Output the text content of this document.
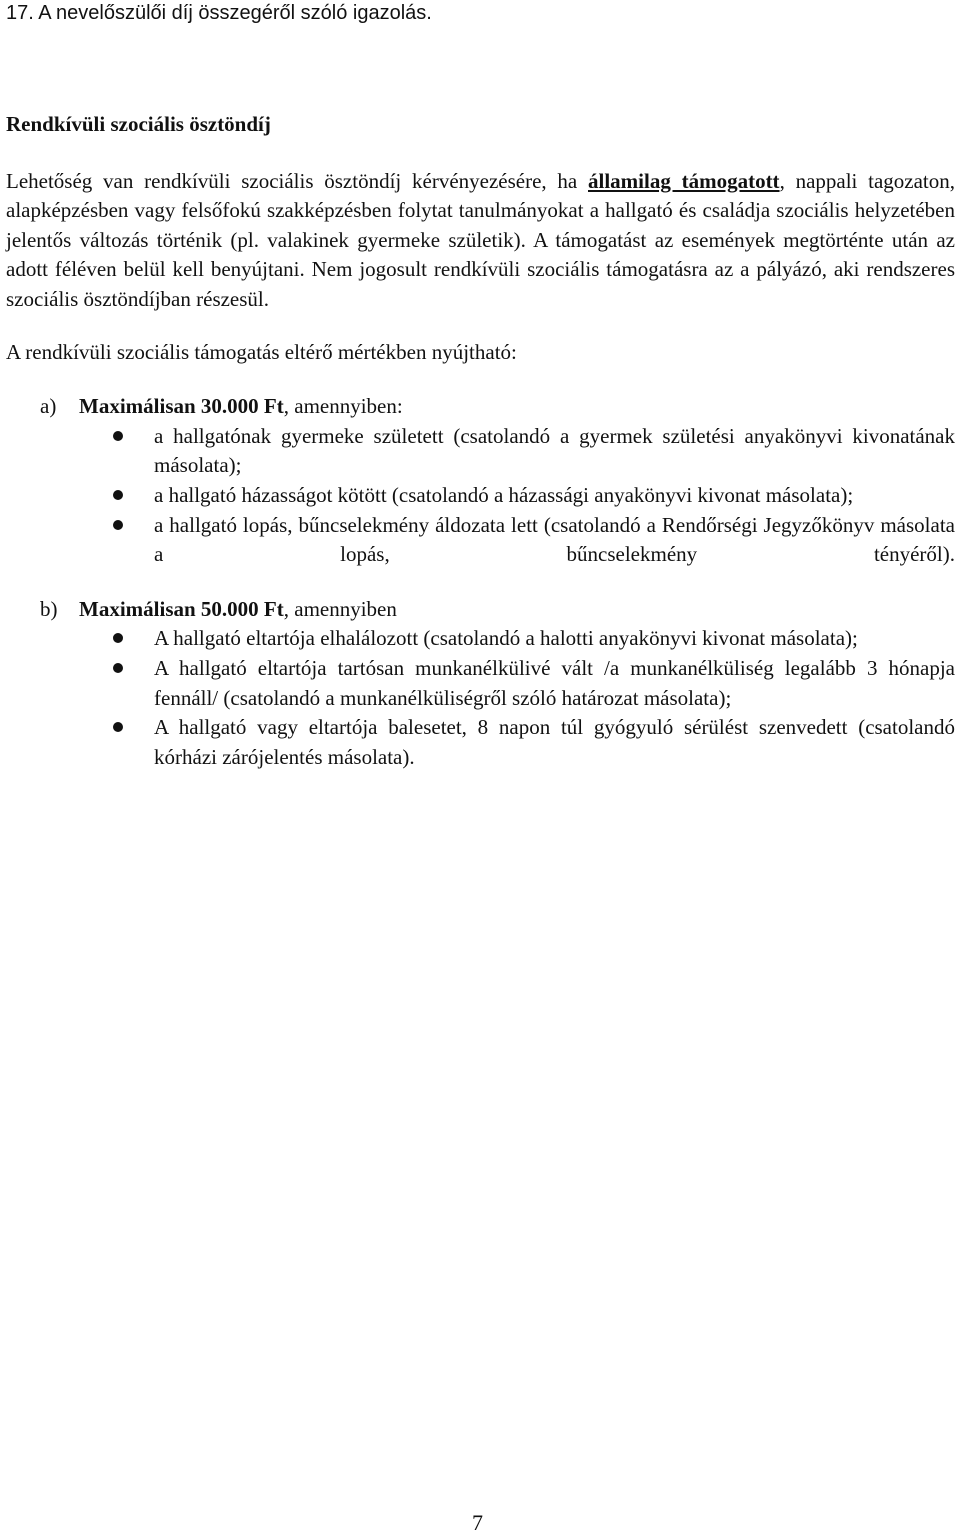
17. A nevelőszülői díj összegéről szóló igazolás.

Rendkívüli szociális ösztöndíj

Lehetőség van rendkívüli szociális ösztöndíj kérvényezésére, ha államilag támogatott, nappali tagozaton, alapképzésben vagy felsőfokú szakképzésben folytat tanulmányokat a hallgató és családja szociális helyzetében jelentős változás történik (pl. valakinek gyermeke születik). A támogatást az események megtörténte után az adott féléven belül kell benyújtani. Nem jogosult rendkívüli szociális támogatásra az a pályázó, aki rendszeres szociális ösztöndíjban részesül.

A rendkívüli szociális támogatás eltérő mértékben nyújtható:

a) Maximálisan 30.000 Ft, amennyiben:
a hallgatónak gyermeke született (csatolandó a gyermek születési anyakönyvi kivonatának másolata);
a hallgató házasságot kötött (csatolandó a házassági anyakönyvi kivonat másolata);
a hallgató lopás, bűncselekmény áldozata lett (csatolandó a Rendőrségi Jegyzőkönyv másolata a lopás, bűncselekmény tényéről).
b) Maximálisan 50.000 Ft, amennyiben
A hallgató eltartója elhalálozott (csatolandó a halotti anyakönyvi kivonat másolata);
A hallgató eltartója tartósan munkanélkülivé vált /a munkanélküliség legalább 3 hónapja fennáll/ (csatolandó a munkanélküliségről szóló határozat másolata);
A hallgató vagy eltartója balesetet, 8 napon túl gyógyuló sérülést szenvedett (csatolandó kórházi zárójelentés másolata).
7
